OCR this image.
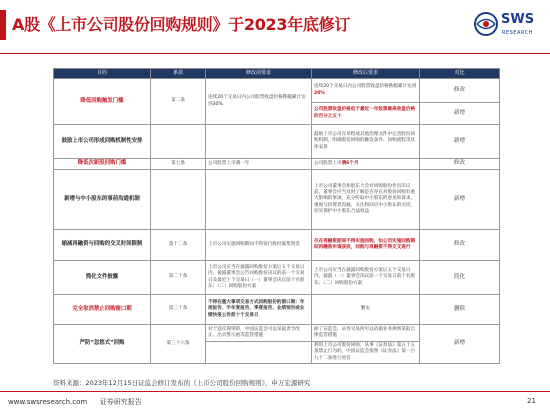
A股《上市公司股份回购规则》于2023年底修订	SWS
RESEARCH
目的	条款	修改前要求	修改后要求	对比
降低回购触发门槛	第二条	连续20个交易日内公司股票收盘价格跌幅累计达到30%	连续20个交易日内公司股票收盘价格跌幅累计达到20%	修改
			公司股票收盘价格低于最近一年股票最高收盘价格的百分之五十	新增
鼓励上市公司形成回购机制性安排			鼓励上市公司在章程或其他治理文件中完善股份回购机制，明确股份回购的触发条件、回购流程等具体安排	新增
降低次新股回购门槛	第七条	公司股票上市满一年	公司股票上市满6个月	修改
新增与中小股东的事前沟通机制			上市公司董事会和股东大会对回购股份作出决议前，董事会应当及时了解是否存在对股份回购有重大影响的事项，充分听取中小股东的意见和诉求，重视与投资者沟通，关注和回应中小股东的关切，切实保护中小股东合法权益	新增
缩减再融资与回购的交叉时间限制	第十二条	上市公司实施回购期间不得发行股份募集资金	仅在再融资期间不得实施回购，如公司实施回购期间再融资申请获批，回购与再融资不得交叉进行	修改
简化文件披露	第二十条	上市公司应当在披露回购股份方案后五个交易日内，披露董事会公告回购股份决议的前一个交易日及最近十个交易日（一）董事会决议前十名股东；（二）回购股份方案	上市公司应当在披露回购股份方案后五个交易日内，披露（一）董事会决议前一个交易日前十名股东；（二）回购股份方案	简化
完全取消禁止回购窗口期	第三十条	不得在重大事项交易方式回购股份的窗口期：年度报告、半年度报告、季度报告、业绩预告或业绩快报公告前十个交易日	删去	删除
严防“忽悠式”回购	第三十六条	对于违反规则的，中国证监会可以采取责令改正、出具警示函等监管措施	除了证监会，证券交易所可以依据业务规则采取自律监管措施	新增
			利用上市公司股份回购，从事《证券法》第五十五条禁止行为的，中国证监会依照《证券法》第一百九十二条进行处罚	
资料来源：2023年12月15日证监会修订发布的《上市公司股份回购规则》，申万宏源研究
www.swsresearch.com 证券研究报告	21
